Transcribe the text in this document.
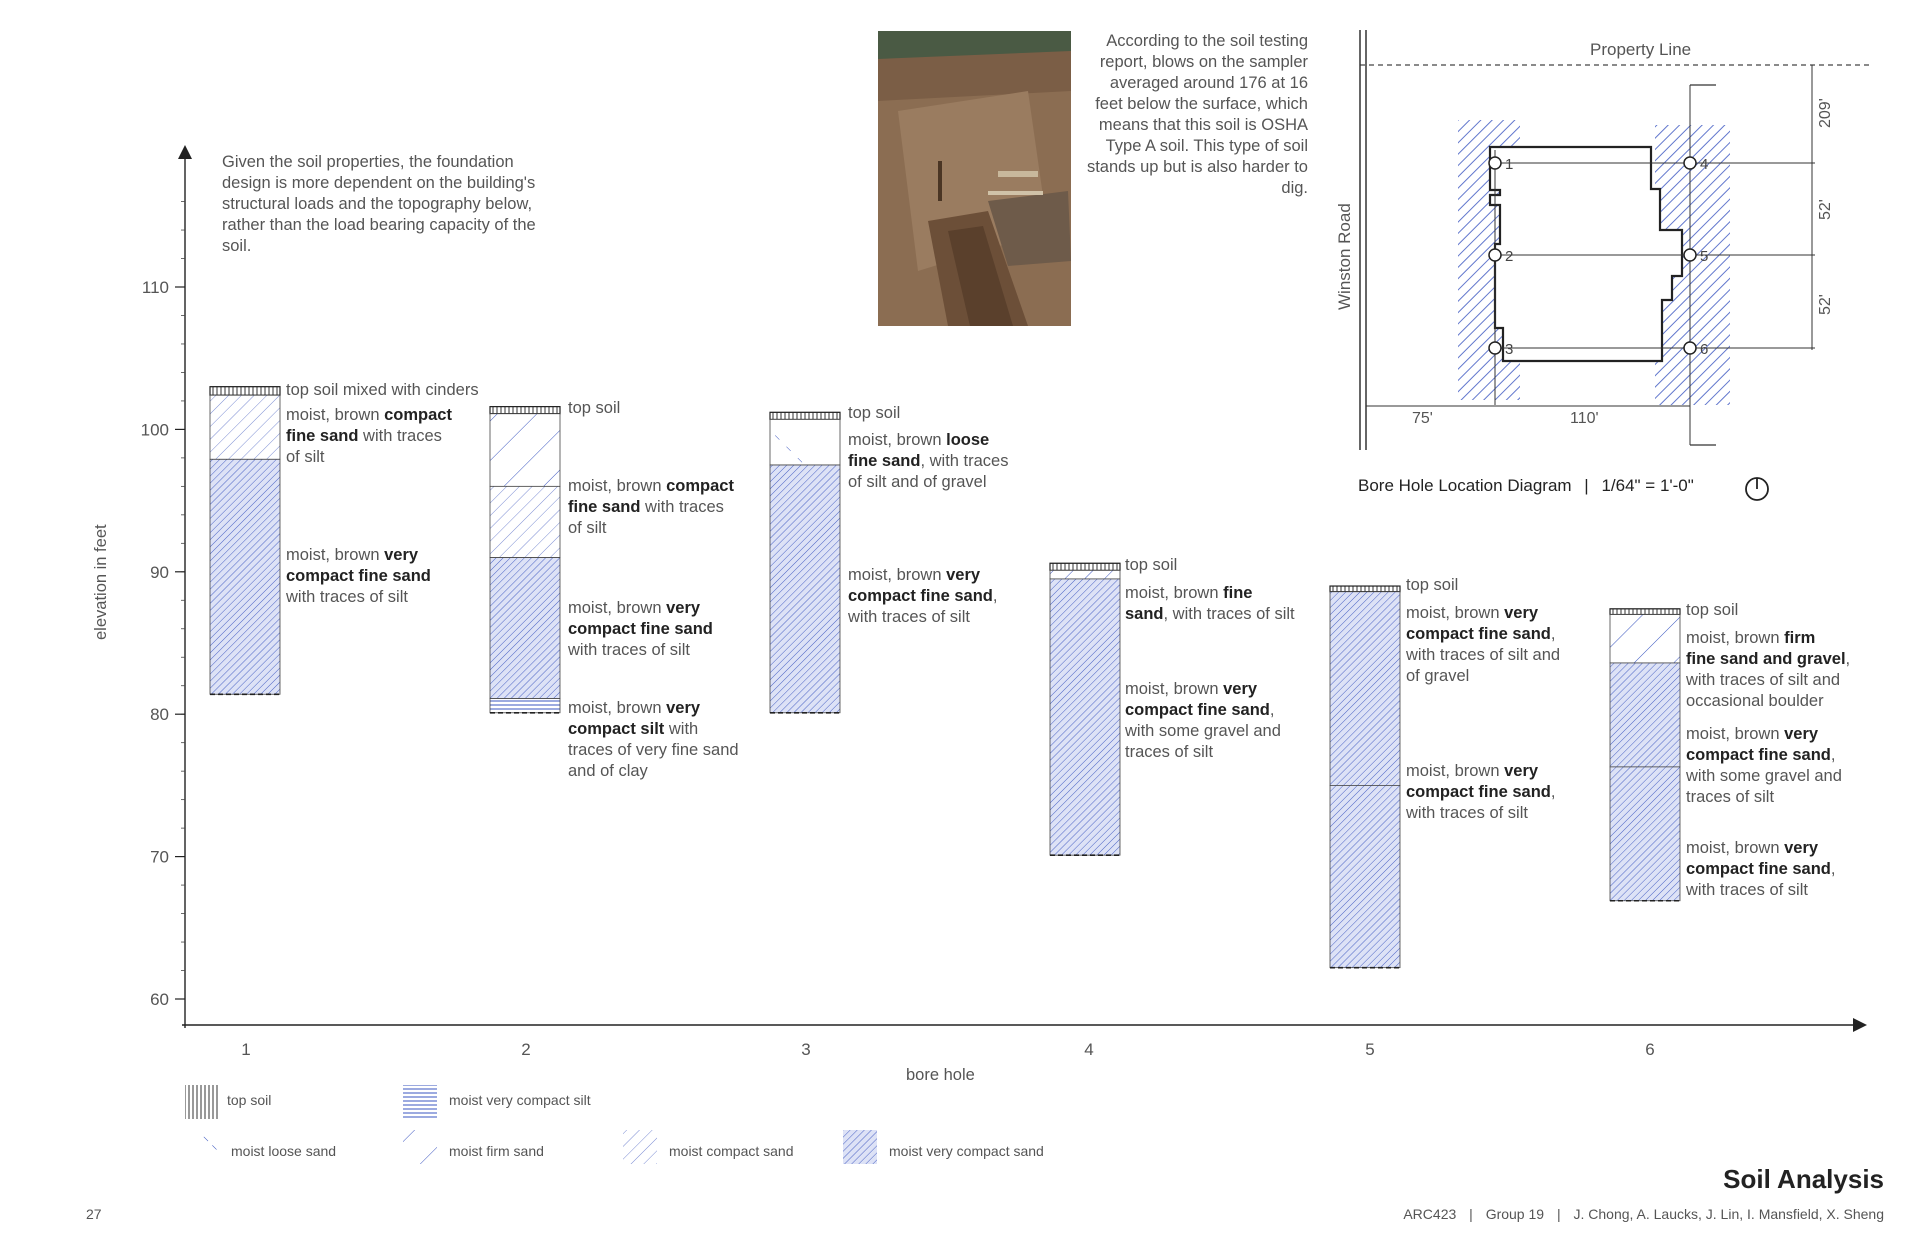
Given the soil properties, the foundation design is more dependent on the building's structural loads and the topography below, rather than the load bearing capacity of the soil.
According to the soil testing report, blows on the sampler averaged around 176 at 16 feet below the surface, which means that this soil is OSHA Type A soil. This type of soil stands up but is also harder to dig.
Property Line
Winston Road
1
2
3
4
5
6
75'	110'
209'
52'
52'
Bore Hole Location Diagram | 1/64" = 1'-0"
60
70
80
90
100
110
1	2	3	4	5	6
top soil	moist very compact silt
moist loose sand	moist firm sand	moist compact sand	moist very compact sand
elevation in feet
bore hole
top soil mixed with cinders
moist, brown compact
fine sand with traces
of silt
moist, brown very
compact fine sand
with traces of silt
top soil
moist, brown compact
fine sand with traces
of silt
moist, brown very
compact fine sand
with traces of silt
moist, brown very
compact silt with
traces of very fine sand
and of clay
top soil
moist, brown loose
fine sand, with traces
of silt and of gravel
moist, brown very
compact fine sand,
with traces of silt
top soil
moist, brown fine
sand, with traces of silt
moist, brown very
compact fine sand,
with some gravel and
traces of silt
top soil
moist, brown very
compact fine sand,
with traces of silt and
of gravel
moist, brown very
compact fine sand,
with traces of silt
top soil
moist, brown firm
fine sand and gravel,
with traces of silt and
occasional boulder
moist, brown very
compact fine sand,
with some gravel and
traces of silt
moist, brown very
compact fine sand,
with traces of silt
Soil Analysis
27	ARC423 | Group 19 | J. Chong, A. Laucks, J. Lin, I. Mansfield, X. Sheng
